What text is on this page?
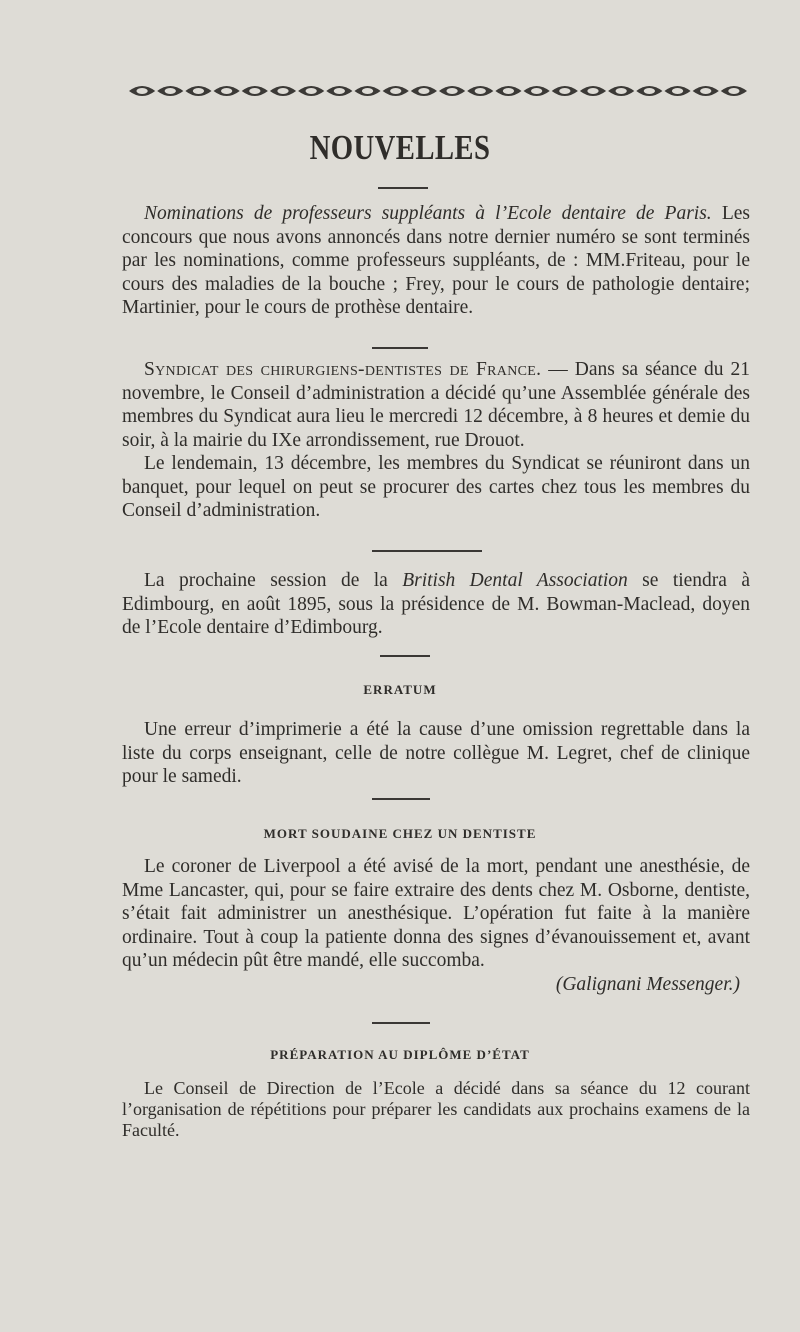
NOUVELLES

Nominations de professeurs suppléants à l’Ecole dentaire de Paris. Les concours que nous avons annoncés dans notre dernier numéro se sont terminés par les nominations, comme professeurs suppléants, de : MM.Friteau, pour le cours des maladies de la bouche ; Frey, pour le cours de pathologie dentaire; Martinier, pour le cours de prothèse dentaire.

Syndicat des chirurgiens-dentistes de France. — Dans sa séance du 21 novembre, le Conseil d’administration a décidé qu’une Assemblée générale des membres du Syndicat aura lieu le mercredi 12 décembre, à 8 heures et demie du soir, à la mairie du IXe arrondissement, rue Drouot.

Le lendemain, 13 décembre, les membres du Syndicat se réuniront dans un banquet, pour lequel on peut se procurer des cartes chez tous les membres du Conseil d’administration.

La prochaine session de la British Dental Association se tiendra à Edimbourg, en août 1895, sous la présidence de M. Bowman-Maclead, doyen de l’Ecole dentaire d’Edimbourg.

ERRATUM

Une erreur d’imprimerie a été la cause d’une omission regrettable dans la liste du corps enseignant, celle de notre collègue M. Legret, chef de clinique pour le samedi.

MORT SOUDAINE CHEZ UN DENTISTE

Le coroner de Liverpool a été avisé de la mort, pendant une anesthésie, de Mme Lancaster, qui, pour se faire extraire des dents chez M. Osborne, dentiste, s’était fait administrer un anesthésique. L’opération fut faite à la manière ordinaire. Tout à coup la patiente donna des signes d’évanouissement et, avant qu’un médecin pût être mandé, elle succomba.

(Galignani Messenger.)

PRÉPARATION AU DIPLÔME D’ÉTAT

Le Conseil de Direction de l’Ecole a décidé dans sa séance du 12 courant l’organisation de répétitions pour préparer les candidats aux prochains examens de la Faculté.
